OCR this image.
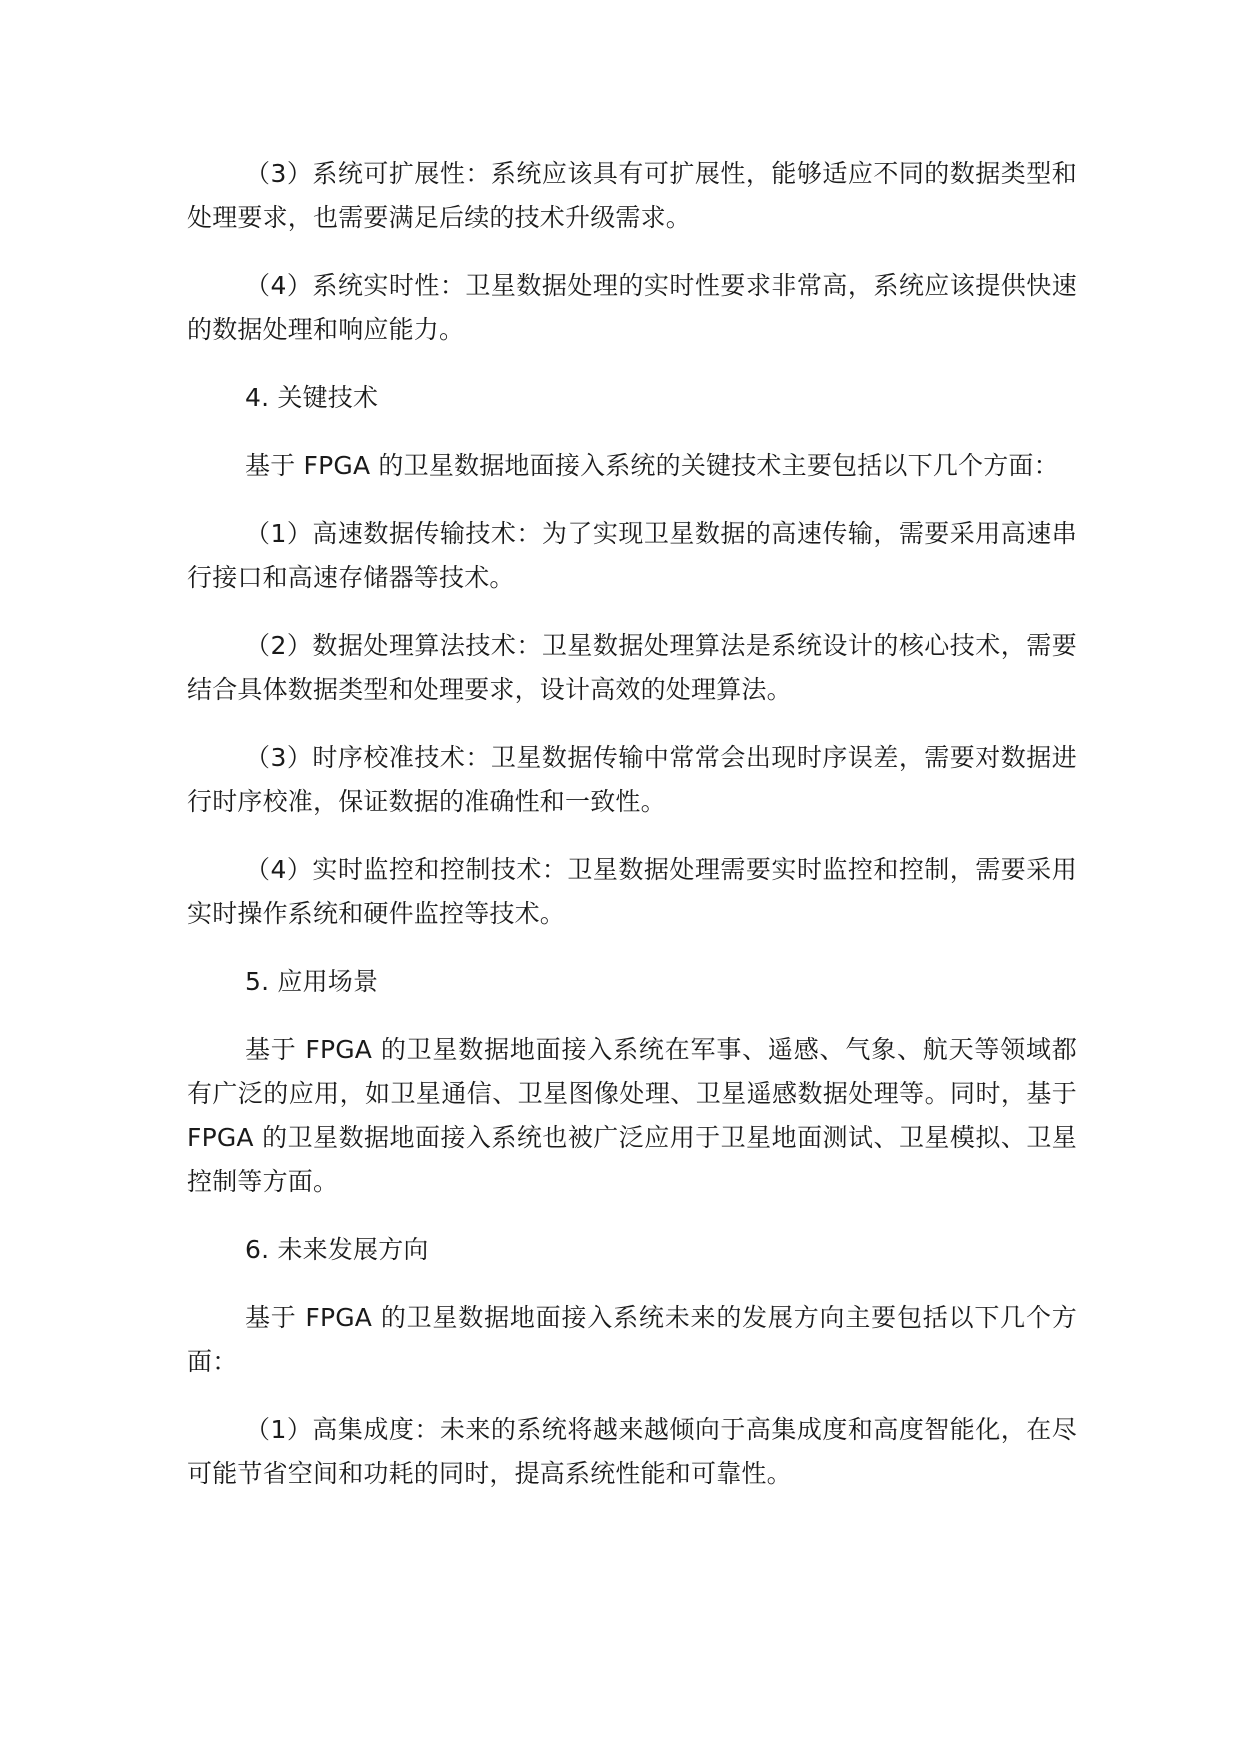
（3）系统可扩展性：系统应该具有可扩展性，能够适应不同的数据类型和处理要求，也需要满足后续的技术升级需求。

（4）系统实时性：卫星数据处理的实时性要求非常高，系统应该提供快速的数据处理和响应能力。

4. 关键技术

基于 FPGA 的卫星数据地面接入系统的关键技术主要包括以下几个方面：

（1）高速数据传输技术：为了实现卫星数据的高速传输，需要采用高速串行接口和高速存储器等技术。

（2）数据处理算法技术：卫星数据处理算法是系统设计的核心技术，需要结合具体数据类型和处理要求，设计高效的处理算法。

（3）时序校准技术：卫星数据传输中常常会出现时序误差，需要对数据进行时序校准，保证数据的准确性和一致性。

（4）实时监控和控制技术：卫星数据处理需要实时监控和控制，需要采用实时操作系统和硬件监控等技术。

5. 应用场景

基于 FPGA 的卫星数据地面接入系统在军事、遥感、气象、航天等领域都有广泛的应用，如卫星通信、卫星图像处理、卫星遥感数据处理等。同时，基于 FPGA 的卫星数据地面接入系统也被广泛应用于卫星地面测试、卫星模拟、卫星控制等方面。

6. 未来发展方向

基于 FPGA 的卫星数据地面接入系统未来的发展方向主要包括以下几个方面：

（1）高集成度：未来的系统将越来越倾向于高集成度和高度智能化，在尽可能节省空间和功耗的同时，提高系统性能和可靠性。
